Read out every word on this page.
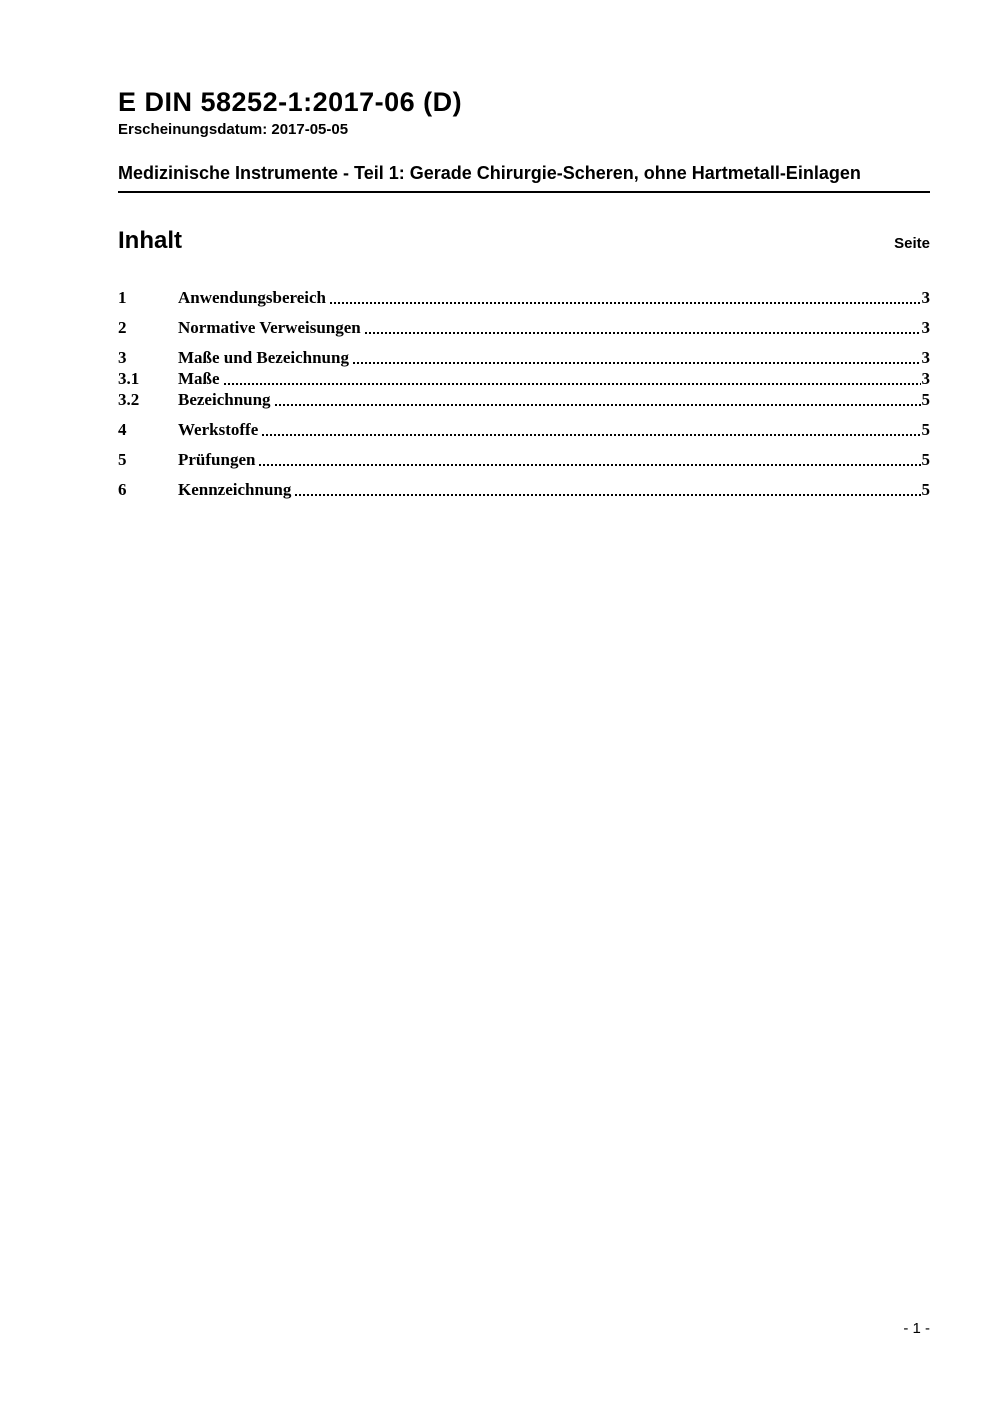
E DIN 58252-1:2017-06 (D)
Erscheinungsdatum: 2017-05-05
Medizinische Instrumente - Teil 1: Gerade Chirurgie-Scheren, ohne Hartmetall-Einlagen
Inhalt	Seite
1	Anwendungsbereich	3
2	Normative Verweisungen	3
3	Maße und Bezeichnung	3
3.1	Maße	3
3.2	Bezeichnung	5
4	Werkstoffe	5
5	Prüfungen	5
6	Kennzeichnung	5
- 1 -
